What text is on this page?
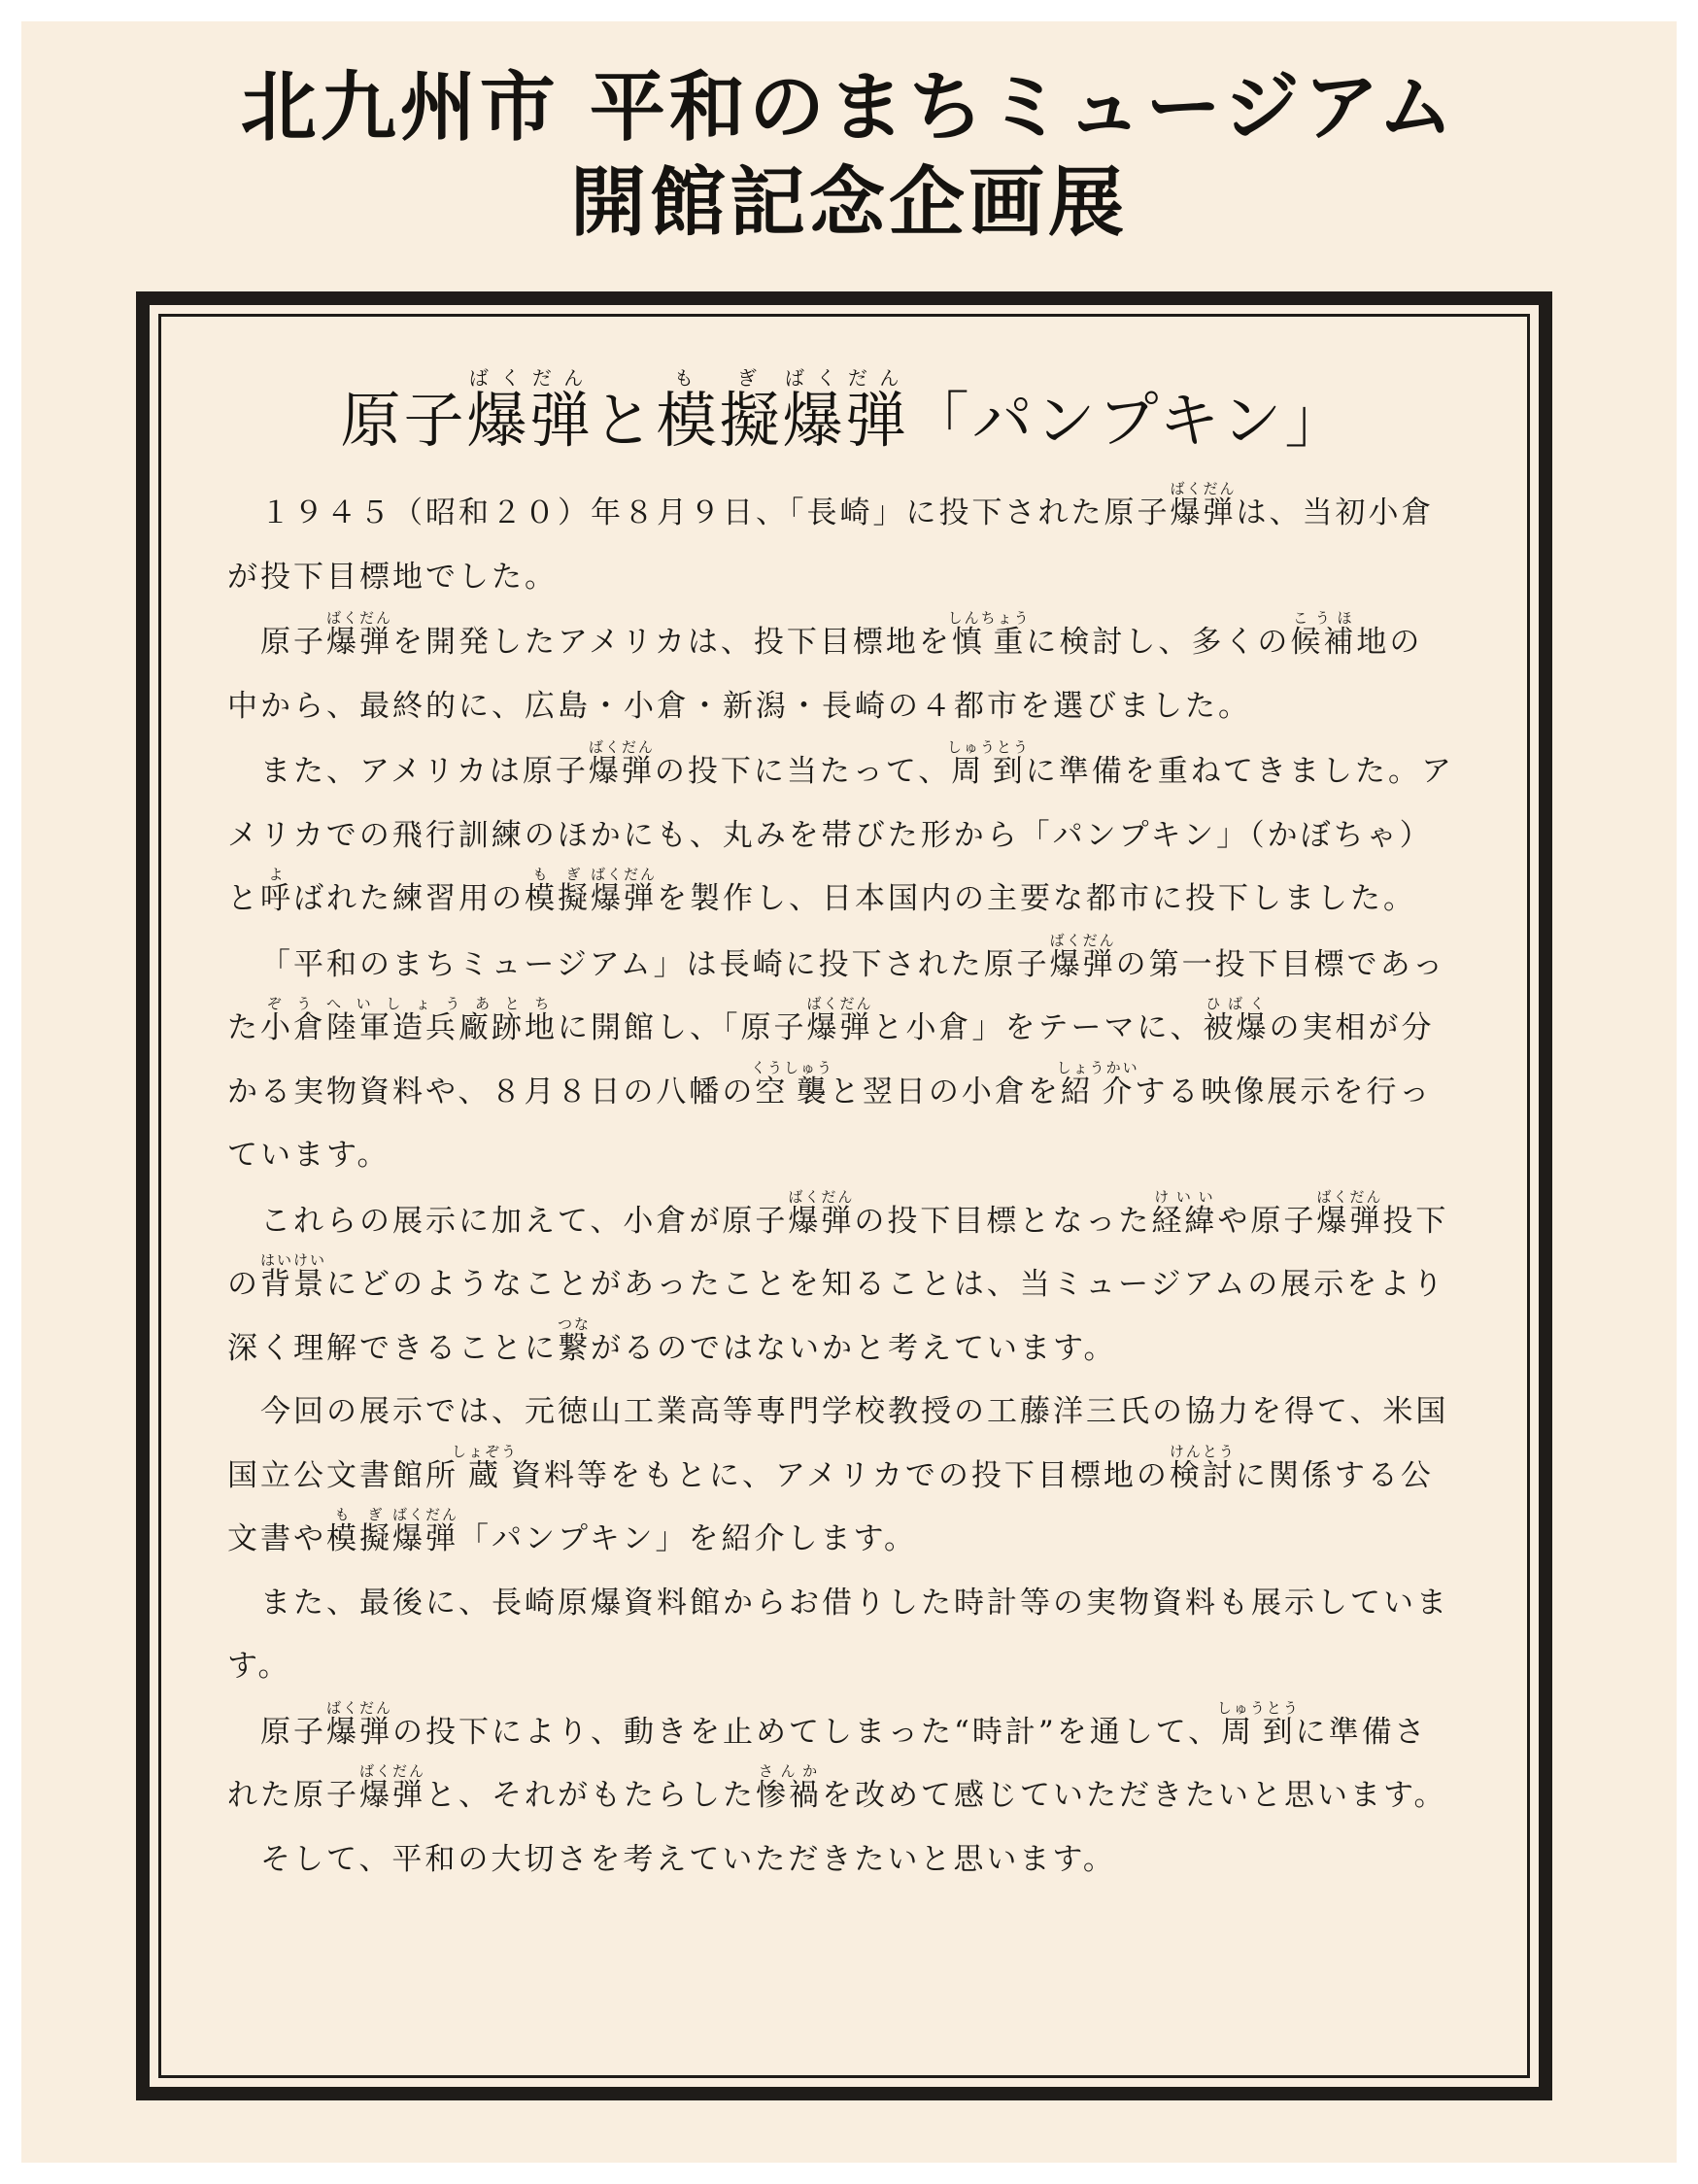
北九州市 平和のまちミュージアム
開館記念企画展
原子爆弾ばくだんと模擬もぎ爆弾ばくだん「パンプキン」

１９４５（昭和２０）年８月９日、「長崎」に投下された原子爆弾ばくだんは、当初小倉が投下目標地でした。

原子爆弾ばくだんを開発したアメリカは、投下目標地を慎重しんちょうに検討し、多くの候補こうほ地の中から、最終的に、広島・小倉・新潟・長崎の４都市を選びました。

また、アメリカは原子爆弾ばくだんの投下に当たって、周到しゅうとうに準備を重ねてきました。アメリカでの飛行訓練のほかにも、丸みを帯びた形から「パンプキン」（かぼちゃ）と呼よばれた練習用の模擬もぎ爆弾ばくだんを製作し、日本国内の主要な都市に投下しました。

「平和のまちミュージアム」は長崎に投下された原子爆弾ばくだんの第一投下目標であった小倉陸軍造兵廠跡地ぞうへいしょうあとちに開館し、「原子爆弾ばくだんと小倉」をテーマに、被爆ひばくの実相が分かる実物資料や、８月８日の八幡の空襲くうしゅうと翌日の小倉を紹介しょうかいする映像展示を行っています。

これらの展示に加えて、小倉が原子爆弾ばくだんの投下目標となった経緯けいいや原子爆弾ばくだん投下の背景はいけいにどのようなことがあったことを知ることは、当ミュージアムの展示をより深く理解できることに繋つながるのではないかと考えています。

今回の展示では、元徳山工業高等専門学校教授の工藤洋三氏の協力を得て、米国国立公文書館所蔵しょぞう資料等をもとに、アメリカでの投下目標地の検討けんとうに関係する公文書や模擬もぎ爆弾ばくだん「パンプキン」を紹介します。

また、最後に、長崎原爆資料館からお借りした時計等の実物資料も展示しています。

原子爆弾ばくだんの投下により、動きを止めてしまった“時計”を通して、周到しゅうとうに準備された原子爆弾ばくだんと、それがもたらした惨禍さんかを改めて感じていただきたいと思います。

そして、平和の大切さを考えていただきたいと思います。
